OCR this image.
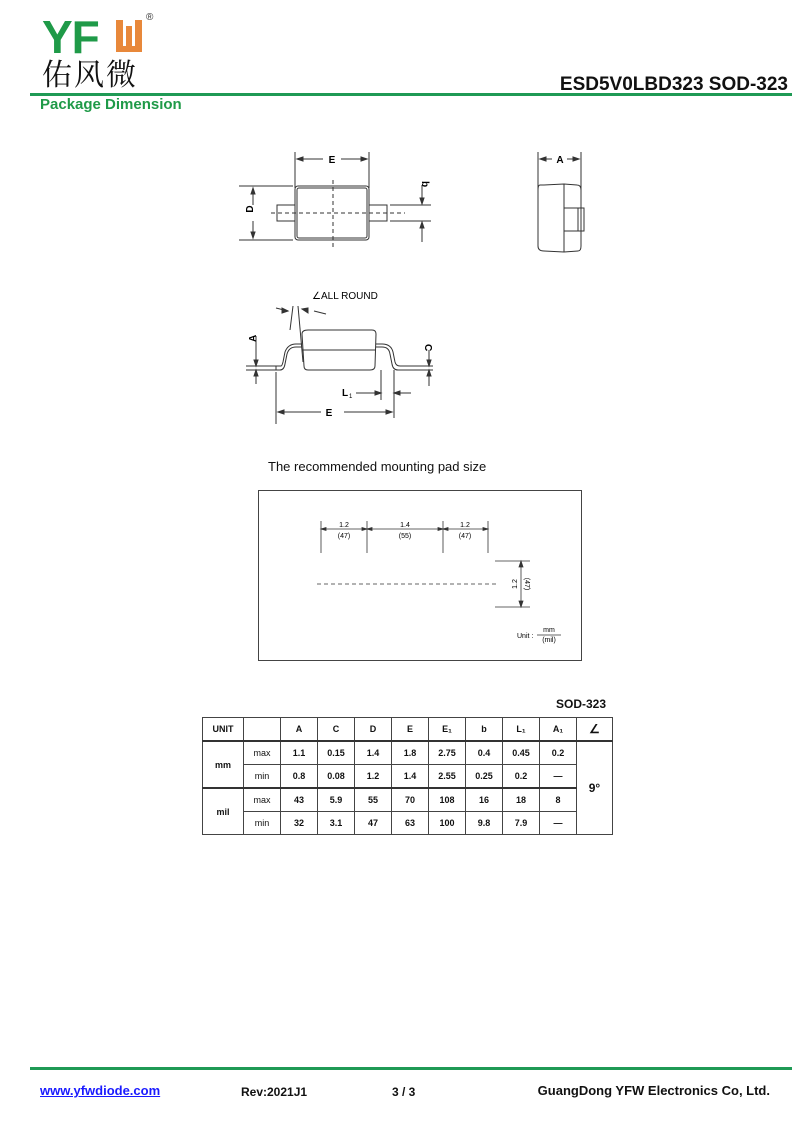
YF	®
佑风微
Package Dimension
ESD5V0LBD323 SOD-323
E
D
b
A
∠ALL ROUND
A
C
L 1
E
The recommended mounting pad size
1.2
(47)
1.4
(55)
1.2
(47)
1.2 (47)
Unit :
mm
(mil)
SOD-323
UNIT		A	C	D	E	E₁	b	L₁	A₁	∠
mm	max	1.1	0.15	1.4	1.8	2.75	0.4	0.45	0.2	9°
	min	0.8	0.08	1.2	1.4	2.55	0.25	0.2	—	
mil	max	43	5.9	55	70	108	16	18	8	
	min	32	3.1	47	63	100	9.8	7.9	—	
www.yfwdiode.com	Rev:2021J1	3 / 3	GuangDong YFW Electronics Co, Ltd.
